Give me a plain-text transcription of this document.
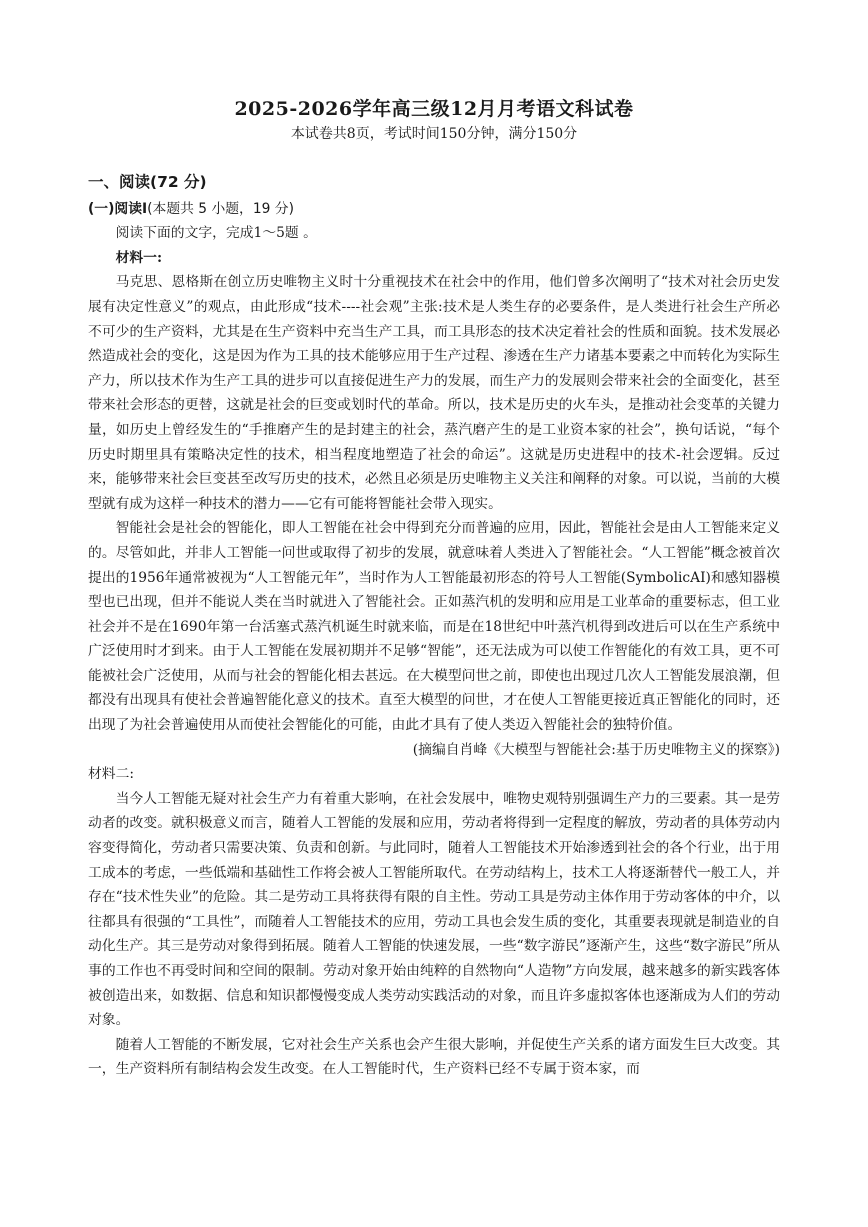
2025-2026学年高三级12月月考语文科试卷
本试卷共8页，考试时间150分钟，满分150分
一、阅读(72 分)
(一)阅读Ⅰ(本题共 5 小题，19 分)

阅读下面的文字，完成1～5题 。

材料一:

马克思、恩格斯在创立历史唯物主义时十分重视技术在社会中的作用，他们曾多次阐明了“技术对社会历史发展有决定性意义”的观点，由此形成“技术----社会观”主张:技术是人类生存的必要条件，是人类进行社会生产所必不可少的生产资料，尤其是在生产资料中充当生产工具，而工具形态的技术决定着社会的性质和面貌。技术发展必然造成社会的变化，这是因为作为工具的技术能够应用于生产过程、渗透在生产力诸基本要素之中而转化为实际生产力，所以技术作为生产工具的进步可以直接促进生产力的发展，而生产力的发展则会带来社会的全面变化，甚至带来社会形态的更替，这就是社会的巨变或划时代的革命。所以，技术是历史的火车头，是推动社会变革的关键力量，如历史上曾经发生的“手推磨产生的是封建主的社会，蒸汽磨产生的是工业资本家的社会”，换句话说，“每个历史时期里具有策略决定性的技术，相当程度地塑造了社会的命运”。这就是历史进程中的技术-社会逻辑。反过来，能够带来社会巨变甚至改写历史的技术，必然且必须是历史唯物主义关注和阐释的对象。可以说，当前的大模型就有成为这样一种技术的潜力——它有可能将智能社会带入现实。

智能社会是社会的智能化，即人工智能在社会中得到充分而普遍的应用，因此，智能社会是由人工智能来定义的。尽管如此，并非人工智能一问世或取得了初步的发展，就意味着人类进入了智能社会。“人工智能”概念被首次提出的1956年通常被视为“人工智能元年”，当时作为人工智能最初形态的符号人工智能(SymbolicAI)和感知器模型也已出现，但并不能说人类在当时就进入了智能社会。正如蒸汽机的发明和应用是工业革命的重要标志，但工业社会并不是在1690年第一台活塞式蒸汽机诞生时就来临，而是在18世纪中叶蒸汽机得到改进后可以在生产系统中广泛使用时才到来。由于人工智能在发展初期并不足够“智能”，还无法成为可以使工作智能化的有效工具，更不可能被社会广泛使用，从而与社会的智能化相去甚远。在大模型问世之前，即使也出现过几次人工智能发展浪潮，但都没有出现具有使社会普遍智能化意义的技术。直至大模型的问世，才在使人工智能更接近真正智能化的同时，还出现了为社会普遍使用从而使社会智能化的可能，由此才具有了使人类迈入智能社会的独特价值。

(摘编自肖峰《大模型与智能社会:基于历史唯物主义的探察》)

材料二:

当今人工智能无疑对社会生产力有着重大影响，在社会发展中，唯物史观特别强调生产力的三要素。其一是劳动者的改变。就积极意义而言，随着人工智能的发展和应用，劳动者将得到一定程度的解放，劳动者的具体劳动内容变得简化，劳动者只需要决策、负责和创新。与此同时，随着人工智能技术开始渗透到社会的各个行业，出于用工成本的考虑，一些低端和基础性工作将会被人工智能所取代。在劳动结构上，技术工人将逐渐替代一般工人，并存在“技术性失业”的危险。其二是劳动工具将获得有限的自主性。劳动工具是劳动主体作用于劳动客体的中介，以往都具有很强的“工具性”，而随着人工智能技术的应用，劳动工具也会发生质的变化，其重要表现就是制造业的自动化生产。其三是劳动对象得到拓展。随着人工智能的快速发展，一些“数字游民”逐渐产生，这些“数字游民”所从事的工作也不再受时间和空间的限制。劳动对象开始由纯粹的自然物向“人造物”方向发展，越来越多的新实践客体被创造出来，如数据、信息和知识都慢慢变成人类劳动实践活动的对象，而且许多虚拟客体也逐渐成为人们的劳动对象。

随着人工智能的不断发展，它对社会生产关系也会产生很大影响，并促使生产关系的诸方面发生巨大改变。其一，生产资料所有制结构会发生改变。在人工智能时代，生产资料已经不专属于资本家，而
